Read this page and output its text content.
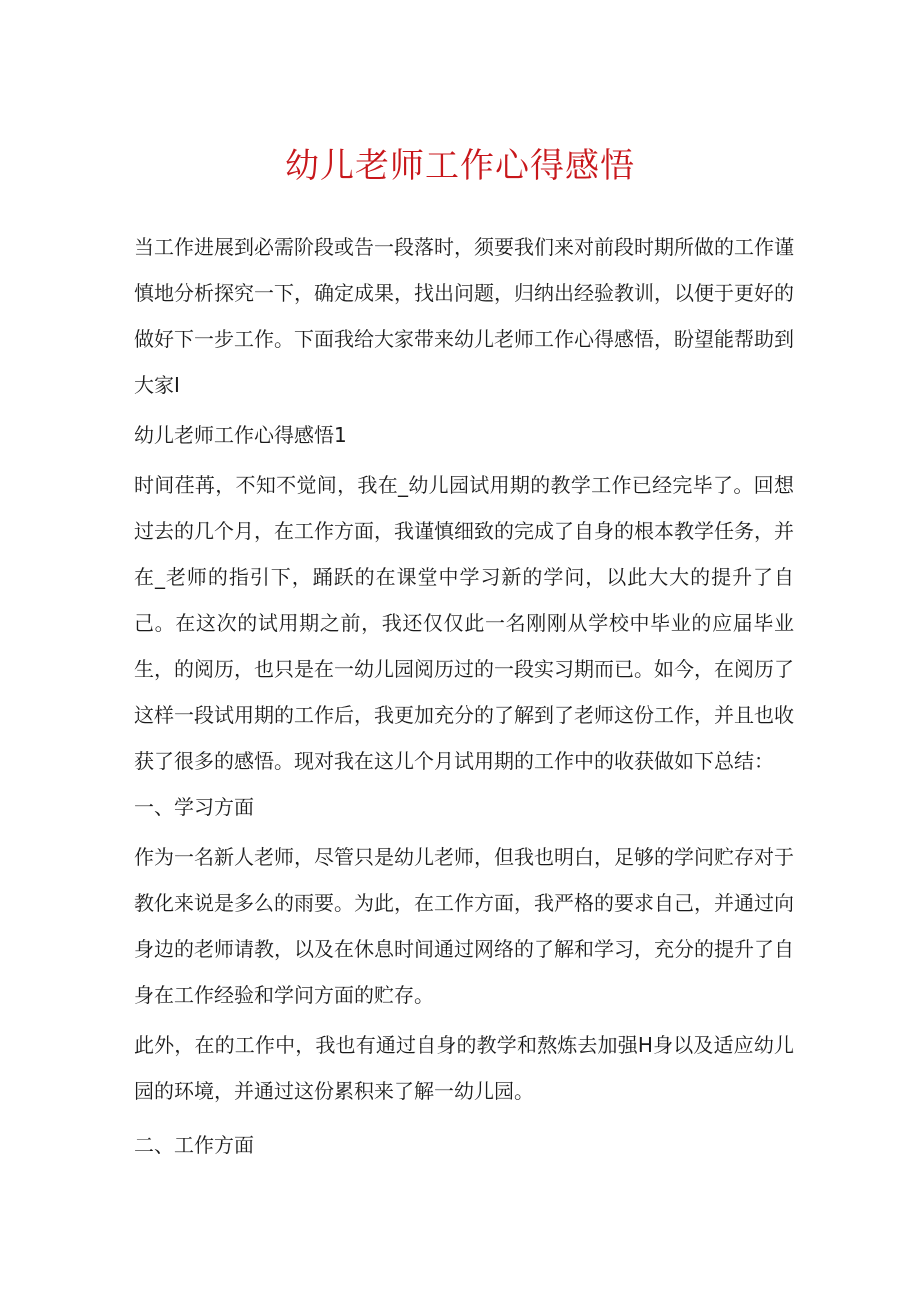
幼儿老师工作心得感悟

当工作进展到必需阶段或告一段落时，须要我们来对前段时期所做的工作谨慎地分析探究一下，确定成果，找出问题，归纳出经验教训，以便于更好的做好下一步工作。下面我给大家带来幼儿老师工作心得感悟，盼望能帮助到大家I

幼儿老师工作心得感悟1

时间荏苒，不知不觉间，我在_幼儿园试用期的教学工作已经完毕了。回想过去的几个月，在工作方面，我谨慎细致的完成了自身的根本教学任务，并在_老师的指引下，踊跃的在课堂中学习新的学问，以此大大的提升了自己。在这次的试用期之前，我还仅仅此一名刚刚从学校中毕业的应届毕业生，的阅历，也只是在一幼儿园阅历过的一段实习期而已。如今，在阅历了这样一段试用期的工作后，我更加充分的了解到了老师这份工作，并且也收获了很多的感悟。现对我在这儿个月试用期的工作中的收获做如下总结：

一、学习方面

作为一名新人老师，尽管只是幼儿老师，但我也明白，足够的学问贮存对于教化来说是多么的雨要。为此，在工作方面，我严格的要求自己，并通过向身边的老师请教，以及在休息时间通过网络的了解和学习，充分的提升了自身在工作经验和学问方面的贮存。

此外，在的工作中，我也有通过自身的教学和熬炼去加强H身以及适应幼儿园的环境，并通过这份累积来了解一幼儿园。

二、工作方面
